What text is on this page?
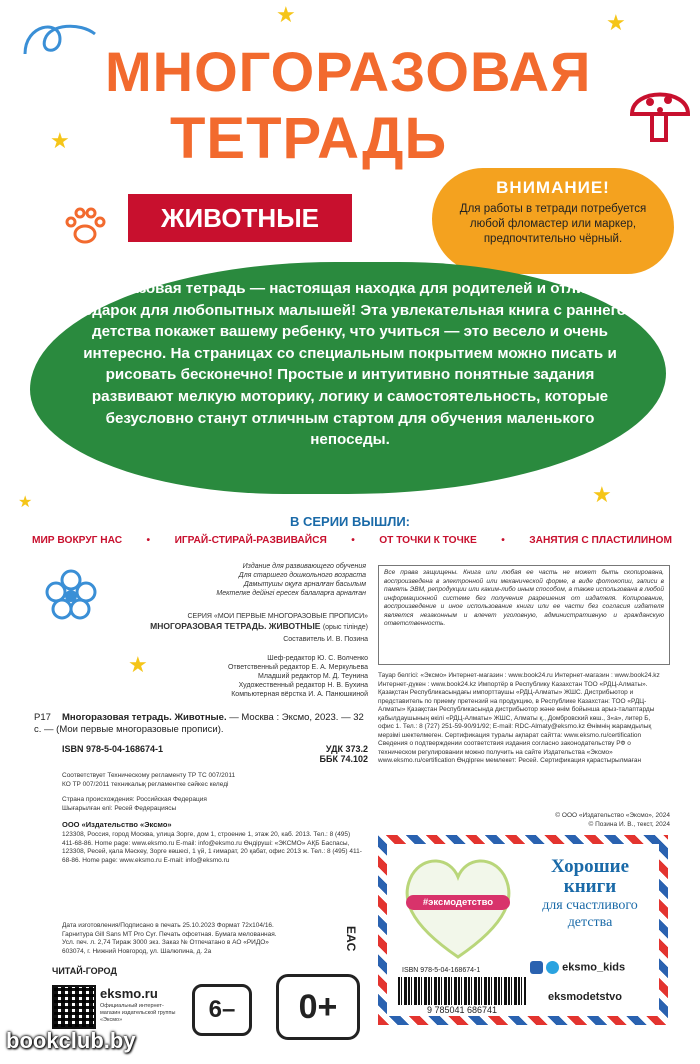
★	★
★
★
★
★
МНОГОРАЗОВАЯ
ТЕТРАДЬ
ЖИВОТНЫЕ
ВНИМАНИЕ!
Для работы в тетради потребуется любой фломастер или маркер, предпочтительно чёрный.
Многоразовая тетрадь — настоящая находка для родителей и отличный подарок для любопытных малышей! Эта увлекательная книга с раннего детства покажет вашему ребенку, что учиться — это весело и очень интересно. На страницах со специальным покрытием можно писать и рисовать бесконечно! Простые и интуитивно понятные задания развивают мелкую моторику, логику и самостоятельность, которые безусловно станут отличным стартом для обучения маленького непоседы.
В СЕРИИ ВЫШЛИ:
МИР ВОКРУГ НАС • ИГРАЙ-СТИРАЙ-РАЗВИВАЙСЯ • ОТ ТОЧКИ К ТОЧКЕ • ЗАНЯТИЯ С ПЛАСТИЛИНОМ
Издание для развивающего обучения
Для старшего дошкольного возраста
Дамытушы оқуға арналған басылым
Мектепке дейінгі ересек балаларға арналған
СЕРИЯ «МОИ ПЕРВЫЕ МНОГОРАЗОВЫЕ ПРОПИСИ»
МНОГОРАЗОВАЯ ТЕТРАДЬ. ЖИВОТНЫЕ (орыс тілінде)
Составитель И. В. Позина
Шеф-редактор Ю. С. Волченко
Ответственный редактор Е. А. Меркульева
Младший редактор М. Д. Теунина
Художественный редактор Н. В. Бухина
Компьютерная вёрстка И. А. Панюшкиной
Р17 Многоразовая тетрадь. Животные. — Москва : Эксмо, 2023. — 32 с. — (Мои первые многоразовые прописи).
ISBN 978-5-04-168674-1	УДК 373.2
ББК 74.102
Соответствует Техническому регламенту ТР ТС 007/2011
КО ТР 007/2011 техникалық регламентке сәйкес келеді
Страна происхождения: Российская Федерация
Шығарылған елі: Ресей Федерациясы
ООО «Издательство «Эксмо»
123308, Россия, город Москва, улица Зорге, дом 1, строение 1, этаж 20, каб. 2013. Тел.: 8 (495) 411-68-86. Home page: www.eksmo.ru E-mail: info@eksmo.ru Өндіруші: «ЭКСМО» АҚБ Баспасы, 123308, Ресей, қала Мәскеу, Зорге көшесі, 1 үй, 1 ғимарат, 20 қабат, офис 2013 ж. Тел.: 8 (495) 411-68-86. Home page: www.eksmo.ru E-mail: info@eksmo.ru
Дата изготовления/Подписано в печать 25.10.2023 Формат 72x104/16. Гарнитура Gill Sans MT Pro Cyr. Печать офсетная. Бумага мелованная. Усл. печ. л. 2,74 Тираж 3000 экз. Заказ № Отпечатано в АО «РИДО» 603074, г. Нижний Новгород, ул. Шалюпина, д. 2а
Все права защищены. Книга или любая ее часть не может быть скопирована, воспроизведена в электронной или механической форме, в виде фотокопии, записи в память ЭВМ, репродукции или каким-либо иным способом, а также использована в любой информационной системе без получения разрешения от издателя. Копирование, воспроизведение и иное использование книги или ее части без согласия издателя является незаконным и влечет уголовную, административную и гражданскую ответственность.
Тауар белгісі: «Эксмо» Интернет-магазин : www.book24.ru Интернет-магазин : www.book24.kz Интернет-дүкен : www.book24.kz Импортёр в Республику Казахстан ТОО «РДЦ-Алматы». Қазақстан Республикасындағы импорттаушы «РДЦ-Алматы» ЖШС. Дистрибьютор и представитель по приему претензий на продукцию, в Республике Казахстан: ТОО «РДЦ-Алматы» Қазақстан Республикасында дистрибьютор және өнім бойынша арыз-талаптарды қабылдаушының өкілі «РДЦ-Алматы» ЖШС, Алматы қ., Домбровский көш., 3«а», литер Б, офис 1. Тел.: 8 (727) 251-59-90/91/92; E-mail: RDC-Almaty@eksmo.kz Өнімнің жарамдылық мерзімі шектелмеген. Сертификация туралы ақпарат сайтта: www.eksmo.ru/certification Сведения о подтверждении соответствия издания согласно законодательству РФ о техническом регулировании можно получить на сайте Издательства «Эксмо» www.eksmo.ru/certification Өндірген мемлекет: Ресей. Сертификация қарастырылмаған
© ООО «Издательство «Эксмо», 2024
© Позина И. В., текст, 2024
#эксмодетство
Хорошие
книги
для счастливого
детства
ISBN 978-5-04-168674-1
9 785041 686741
eksmo_kids
eksmodetstvo
ЧИТАЙ-ГОРОД
eksmo.ru
Официальный интернет-магазин издательской группы «Эксмо»
EAC
6–	0+
bookclub.by
